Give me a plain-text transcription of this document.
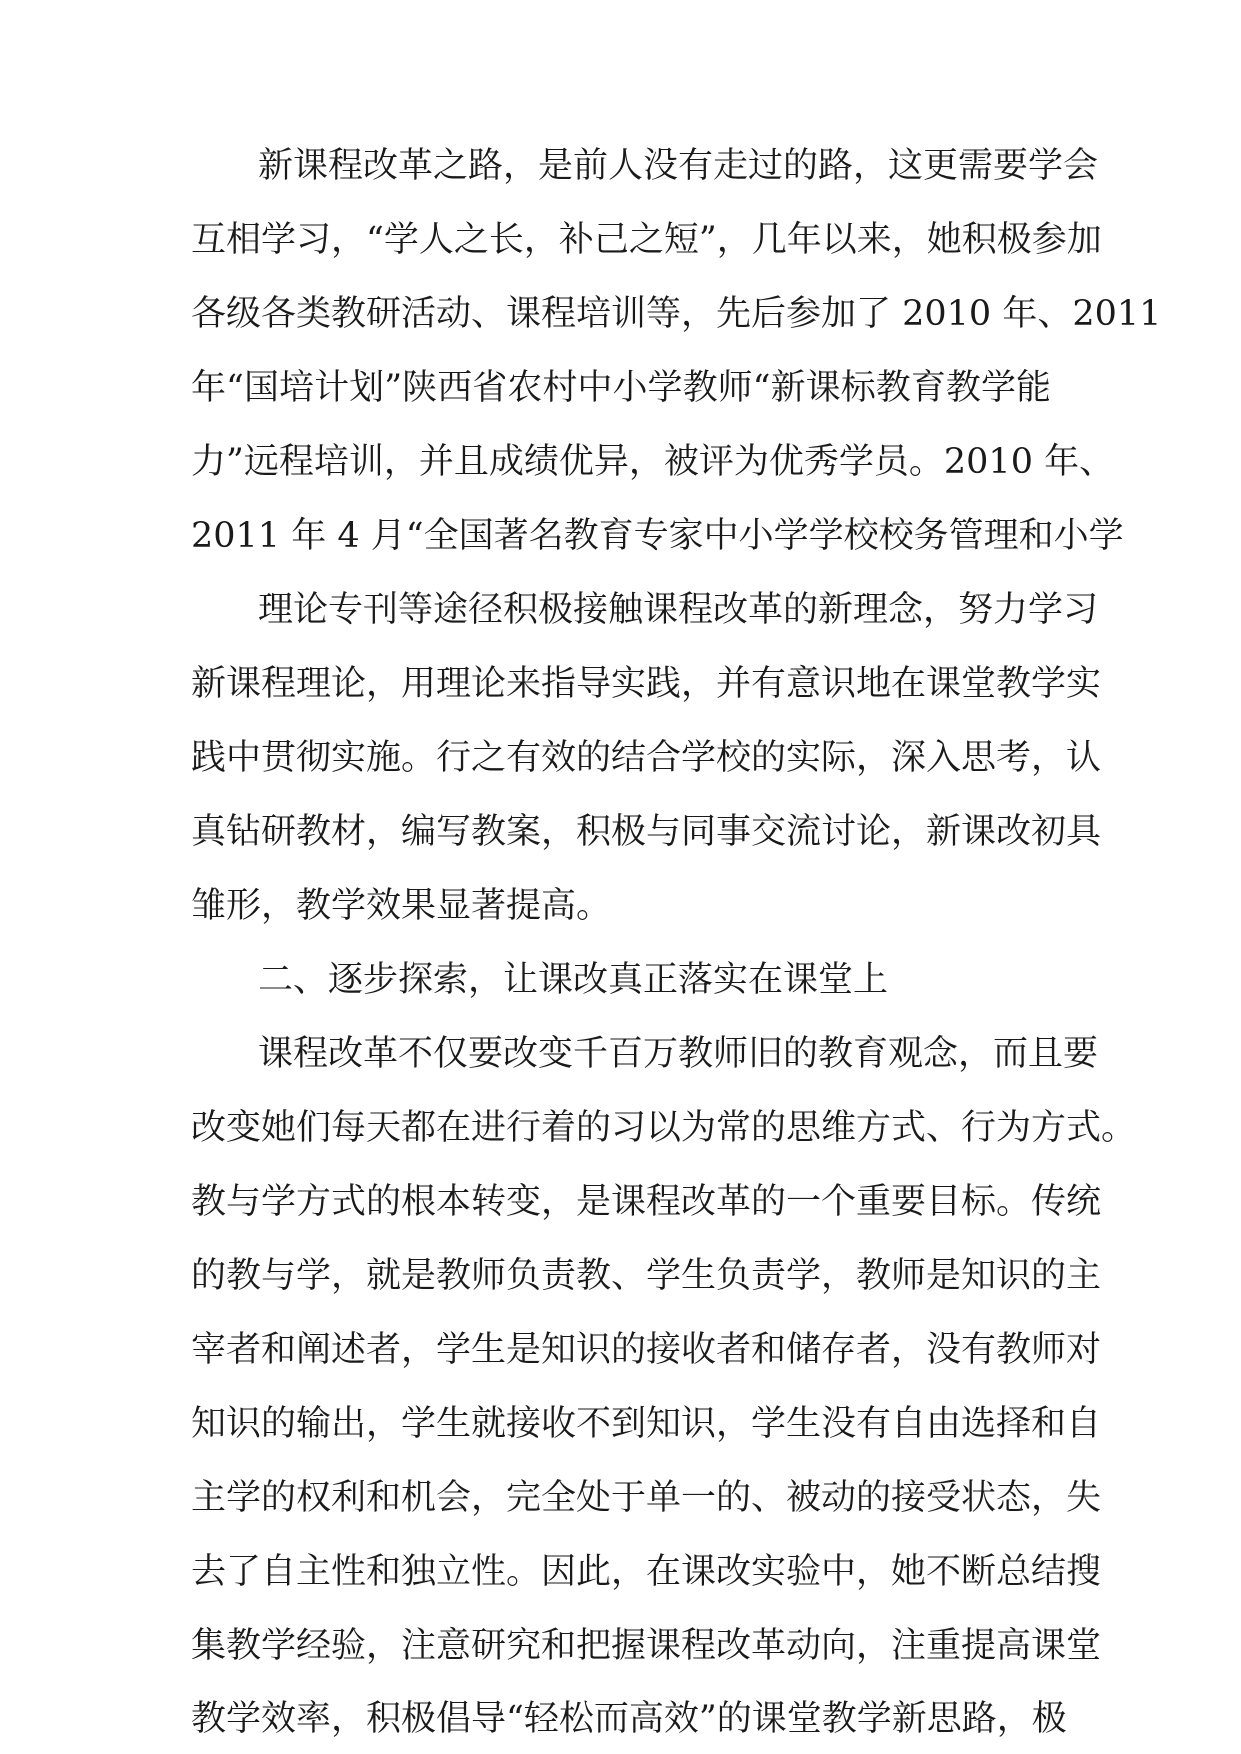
新课程改革之路，是前人没有走过的路，这更需要学会
互相学习，“学人之长，补己之短”，几年以来，她积极参加
各级各类教研活动、课程培训等，先后参加了 2010 年、2011
年“国培计划”陕西省农村中小学教师“新课标教育教学能
力”远程培训，并且成绩优异，被评为优秀学员。2010 年、
2011 年 4 月“全国著名教育专家中小学学校校务管理和小学
理论专刊等途径积极接触课程改革的新理念，努力学习
新课程理论，用理论来指导实践，并有意识地在课堂教学实
践中贯彻实施。行之有效的结合学校的实际，深入思考，认
真钻研教材，编写教案，积极与同事交流讨论，新课改初具
雏形，教学效果显著提高。
二、逐步探索，让课改真正落实在课堂上
课程改革不仅要改变千百万教师旧的教育观念，而且要
改变她们每天都在进行着的习以为常的思维方式、行为方式。
教与学方式的根本转变，是课程改革的一个重要目标。传统
的教与学，就是教师负责教、学生负责学，教师是知识的主
宰者和阐述者，学生是知识的接收者和储存者，没有教师对
知识的输出，学生就接收不到知识，学生没有自由选择和自
主学的权利和机会，完全处于单一的、被动的接受状态，失
去了自主性和独立性。因此，在课改实验中，她不断总结搜
集教学经验，注意研究和把握课程改革动向，注重提高课堂
教学效率，积极倡导“轻松而高效”的课堂教学新思路，极
